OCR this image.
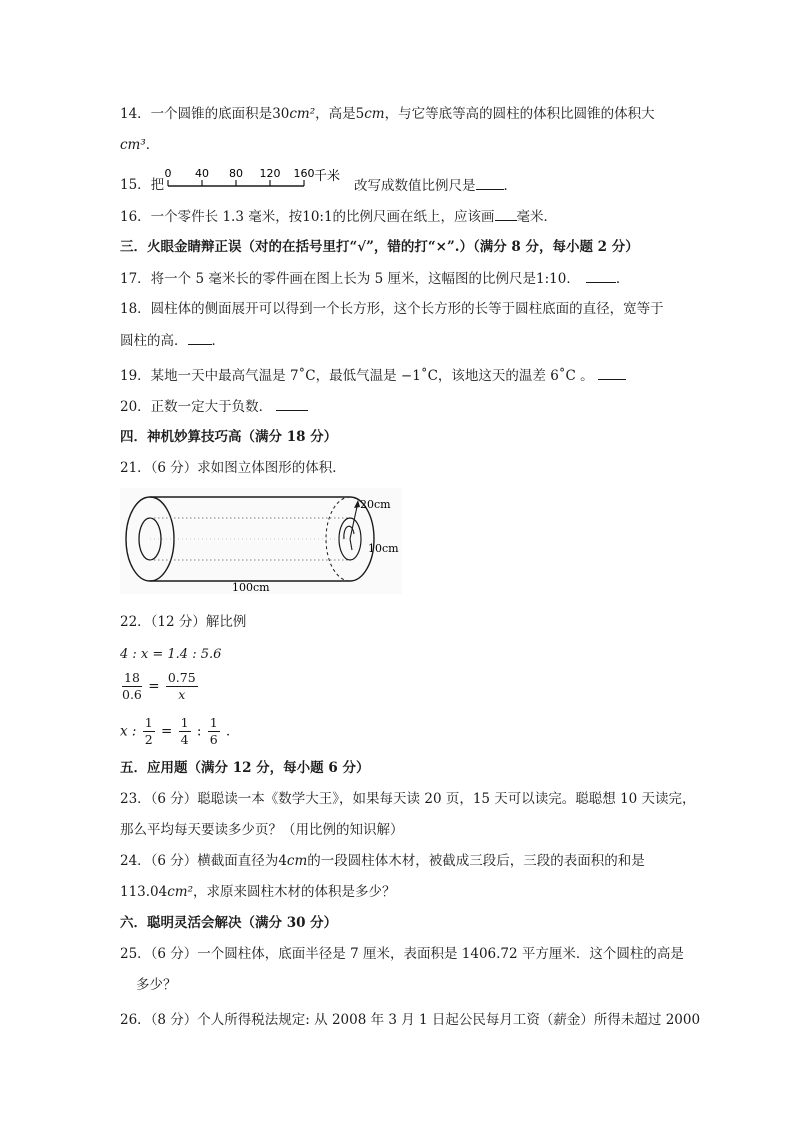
14．一个圆锥的底面积是30cm²，高是5cm，与它等底等高的圆柱的体积比圆锥的体积大
cm³．
15．把
0 40 80 120 160 千米
改写成数值比例尺是 ．
16．一个零件长 1.3 毫米，按10:1的比例尺画在纸上，应该画 毫米．
三．火眼金睛辩正误（对的在括号里打“√”，错的打“×”.）（满分 8 分，每小题 2 分）
17．将一个 5 毫米长的零件画在图上长为 5 厘米，这幅图的比例尺是1:10．	．
18．圆柱体的侧面展开可以得到一个长方形，这个长方形的长等于圆柱底面的直径，宽等于
圆柱的高． ．
19．某地一天中最高气温是 7˚C，最低气温是 −1˚C，该地这天的温差 6˚C 。
20．正数一定大于负数．
四．神机妙算技巧高（满分 18 分）
21．（6 分）求如图立体图形的体积．
20cm
10cm
100cm
22．（12 分）解比例
4 : x = 1.4 : 5.6
$\frac{18}{0.6} = \frac{0.75}{x}$
x : $\frac{1}{2} = \frac{1}{4}$ : $\frac{1}{6}$ ．
五．应用题（满分 12 分，每小题 6 分）
23．（6 分）聪聪读一本《数学大王》，如果每天读 20 页，15 天可以读完。聪聪想 10 天读完，
那么平均每天要读多少页？（用比例的知识解）
24．（6 分）横截面直径为4cm的一段圆柱体木材，被截成三段后，三段的表面积的和是
113.04cm²，求原来圆柱木材的体积是多少？
六．聪明灵活会解决（满分 30 分）
25．（6 分）一个圆柱体，底面半径是 7 厘米，表面积是 1406.72 平方厘米．这个圆柱的高是
多少？
26．（8 分）个人所得税法规定: 从 2008 年 3 月 1 日起公民每月工资（薪金）所得未超过 2000
